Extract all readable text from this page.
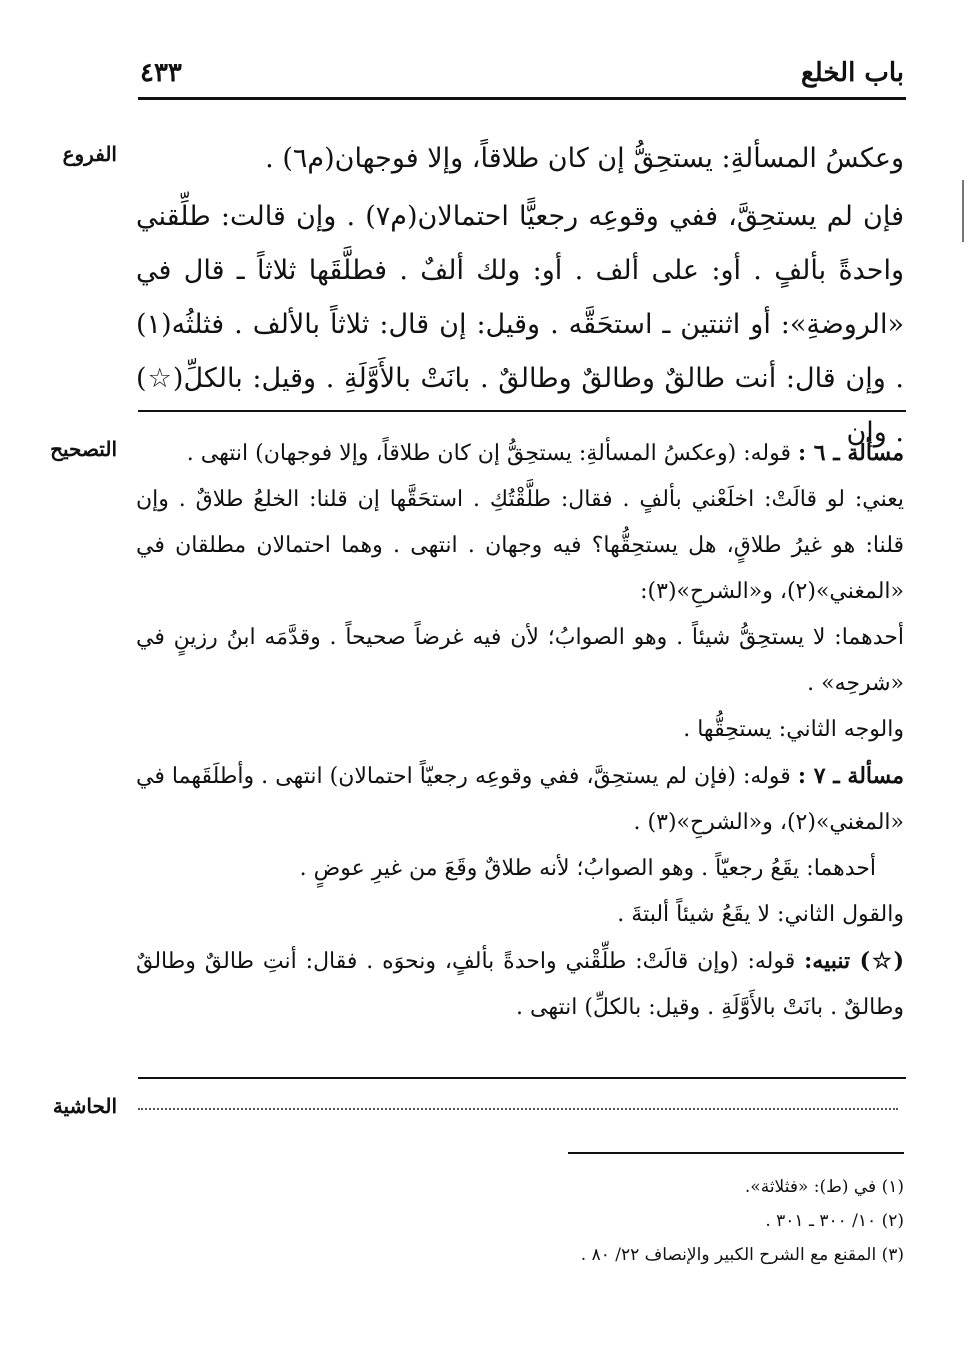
باب الخلع
٤٣٣
الفروع	وعكسُ المسألةِ: يستحِقُّ إن كان طلاقاً، وإلا فوجهان(م٦) .
فإن لم يستحِقَّ، ففي وقوعِه رجعيًّا احتمالان(م٧) . وإن قالت: طلِّقني واحدةً بألفٍ . أو: على ألف . أو: ولك ألفٌ . فطلَّقَها ثلاثاً ـ قال في «الروضةِ»: أو اثنتين ـ استحَقَّه . وقيل: إن قال: ثلاثاً بالألف . فثلثُه(١) . وإن قال: أنت طالقٌ وطالقٌ وطالقٌ . بانَتْ بالأَوَّلَةِ . وقيل: بالكلِّ(☆) . وإن
التصحيح	مسألة ـ ٦ : قوله: (وعكسُ المسألةِ: يستحِقُّ إن كان طلاقاً، وإلا فوجهان) انتهى .
يعني: لو قالَتْ: اخلَعْني بألفٍ . فقال: طلَّقْتُكِ . استحَقَّها إن قلنا: الخلعُ طلاقٌ . وإن قلنا: هو غيرُ طلاقٍ، هل يستحِقُّها؟ فيه وجهان . انتهى . وهما احتمالان مطلقان في «المغني»(٢)، و«الشرحِ»(٣):
أحدهما: لا يستحِقُّ شيئاً . وهو الصوابُ؛ لأن فيه غرضاً صحيحاً . وقدَّمَه ابنُ رزينٍ في «شرحِه» .
والوجه الثاني: يستحِقُّها .
مسألة ـ ٧ : قوله: (فإن لم يستحِقَّ، ففي وقوعِه رجعيّاً احتمالان) انتهى . وأطلَقَهما في «المغني»(٢)، و«الشرحِ»(٣) .
أحدهما: يقَعُ رجعيّاً . وهو الصوابُ؛ لأنه طلاقٌ وقَعَ من غيرِ عوضٍ .
والقول الثاني: لا يقَعُ شيئاً ألبتةَ .
(☆) تنبيه: قوله: (وإن قالَتْ: طلِّقْني واحدةً بألفٍ، ونحوَه . فقال: أنتِ طالقٌ وطالقٌ وطالقٌ . بانَتْ بالأَوَّلَةِ . وقيل: بالكلِّ) انتهى .
الحاشية
(١) في (ط): «فثلاثة».
(٢) ١٠/ ٣٠٠ ـ ٣٠١ .
(٣) المقنع مع الشرح الكبير والإنصاف ٢٢/ ٨٠ .
